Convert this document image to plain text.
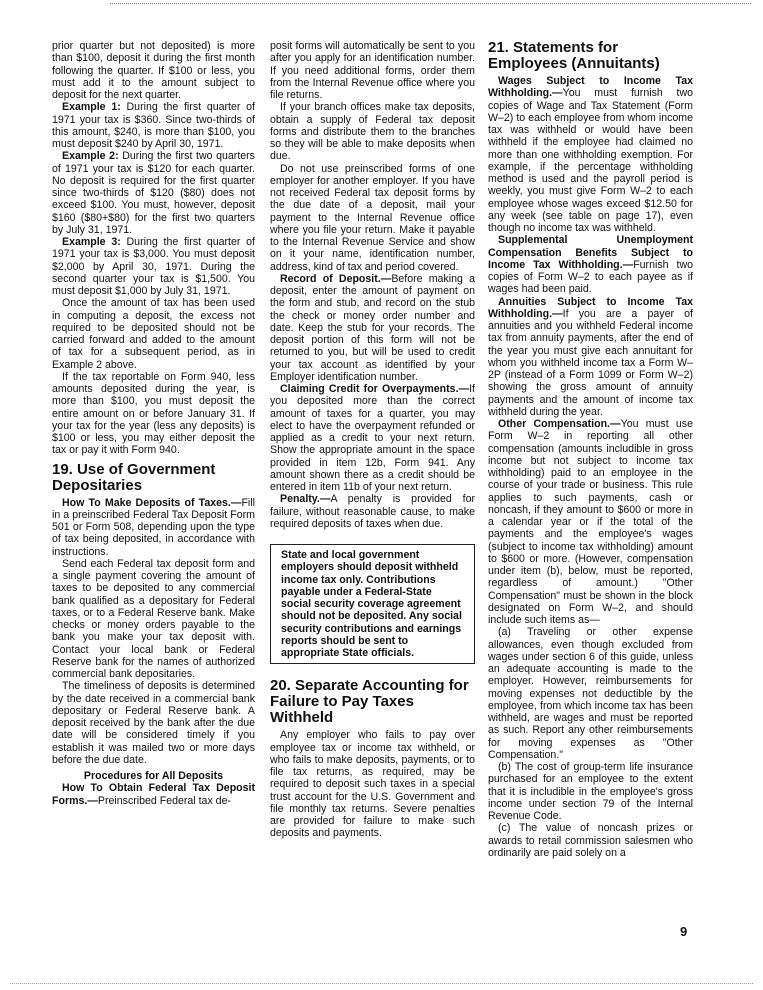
prior quarter but not deposited) is more than $100, deposit it during the first month following the quarter. If $100 or less, you must add it to the amount subject to deposit for the next quarter.

Example 1: During the first quarter of 1971 your tax is $360. Since two-thirds of this amount, $240, is more than $100, you must deposit $240 by April 30, 1971.

Example 2: During the first two quarters of 1971 your tax is $120 for each quarter. No deposit is required for the first quarter since two-thirds of $120 ($80) does not exceed $100. You must, however, deposit $160 ($80+$80) for the first two quarters by July 31, 1971.

Example 3: During the first quarter of 1971 your tax is $3,000. You must deposit $2,000 by April 30, 1971. During the second quarter your tax is $1,500. You must deposit $1,000 by July 31, 1971.

Once the amount of tax has been used in computing a deposit, the excess not required to be deposited should not be carried forward and added to the amount of tax for a subsequent period, as in Example 2 above.

If the tax reportable on Form 940, less amounts deposited during the year, is more than $100, you must deposit the entire amount on or before January 31. If your tax for the year (less any deposits) is $100 or less, you may either deposit the tax or pay it with Form 940.

19. Use of Government Depositaries

How To Make Deposits of Taxes.—Fill in a preinscribed Federal Tax Deposit Form 501 or Form 508, depending upon the type of tax being deposited, in accordance with instructions.

Send each Federal tax deposit form and a single payment covering the amount of taxes to be deposited to any commercial bank qualified as a depositary for Federal taxes, or to a Federal Reserve bank. Make checks or money orders payable to the bank you make your tax deposit with. Contact your local bank or Federal Reserve bank for the names of authorized commercial bank depositaries.

The timeliness of deposits is determined by the date received in a commercial bank depositary or Federal Reserve bank. A deposit received by the bank after the due date will be considered timely if you establish it was mailed two or more days before the due date.

Procedures for All Deposits

How To Obtain Federal Tax Deposit Forms.—Preinscribed Federal tax de-

posit forms will automatically be sent to you after you apply for an identification number. If you need additional forms, order them from the Internal Revenue office where you file returns.

If your branch offices make tax deposits, obtain a supply of Federal tax deposit forms and distribute them to the branches so they will be able to make deposits when due.

Do not use preinscribed forms of one employer for another employer. If you have not received Federal tax deposit forms by the due date of a deposit, mail your payment to the Internal Revenue office where you file your return. Make it payable to the Internal Revenue Service and show on it your name, identification number, address, kind of tax and period covered.

Record of Deposit.—Before making a deposit, enter the amount of payment on the form and stub, and record on the stub the check or money order number and date. Keep the stub for your records. The deposit portion of this form will not be returned to you, but will be used to credit your tax account as identified by your Employer identification number.

Claiming Credit for Overpayments.—If you deposited more than the correct amount of taxes for a quarter, you may elect to have the overpayment refunded or applied as a credit to your next return. Show the appropriate amount in the space provided in item 12b, Form 941. Any amount shown there as a credit should be entered in item 11b of your next return.

Penalty.—A penalty is provided for failure, without reasonable cause, to make required deposits of taxes when due.

State and local government employers should deposit withheld income tax only. Contributions payable under a Federal-State social security coverage agreement should not be deposited. Any social security contributions and earnings reports should be sent to appropriate State officials.
20. Separate Accounting for Failure to Pay Taxes Withheld

Any employer who fails to pay over employee tax or income tax withheld, or who fails to make deposits, payments, or to file tax returns, as required, may be required to deposit such taxes in a special trust account for the U.S. Government and file monthly tax returns. Severe penalties are provided for failure to make such deposits and payments.

21. Statements for Employees (Annuitants)

Wages Subject to Income Tax Withholding.—You must furnish two copies of Wage and Tax Statement (Form W–2) to each employee from whom income tax was withheld or would have been withheld if the employee had claimed no more than one withholding exemption. For example, if the percentage withholding method is used and the payroll period is weekly, you must give Form W–2 to each employee whose wages exceed $12.50 for any week (see table on page 17), even though no income tax was withheld.

Supplemental Unemployment Compensation Benefits Subject to Income Tax Withholding.—Furnish two copies of Form W–2 to each payee as if wages had been paid.

Annuities Subject to Income Tax Withholding.—If you are a payer of annuities and you withheld Federal income tax from annuity payments, after the end of the year you must give each annuitant for whom you withheld income tax a Form W–2P (instead of a Form 1099 or Form W–2) showing the gross amount of annuity payments and the amount of income tax withheld during the year.

Other Compensation.—You must use Form W–2 in reporting all other compensation (amounts includible in gross income but not subject to income tax withholding) paid to an employee in the course of your trade or business. This rule applies to such payments, cash or noncash, if they amount to $600 or more in a calendar year or if the total of the payments and the employee's wages (subject to income tax withholding) amount to $600 or more. (However, compensation under item (b), below, must be reported, regardless of amount.) "Other Compensation" must be shown in the block designated on Form W–2, and should include such items as—

(a) Traveling or other expense allowances, even though excluded from wages under section 6 of this guide, unless an adequate accounting is made to the employer. However, reimbursements for moving expenses not deductible by the employee, from which income tax has been withheld, are wages and must be reported as such. Report any other reimbursements for moving expenses as "Other Compensation."

(b) The cost of group-term life insurance purchased for an employee to the extent that it is includible in the employee's gross income under section 79 of the Internal Revenue Code.

(c) The value of noncash prizes or awards to retail commission salesmen who ordinarily are paid solely on a

9
